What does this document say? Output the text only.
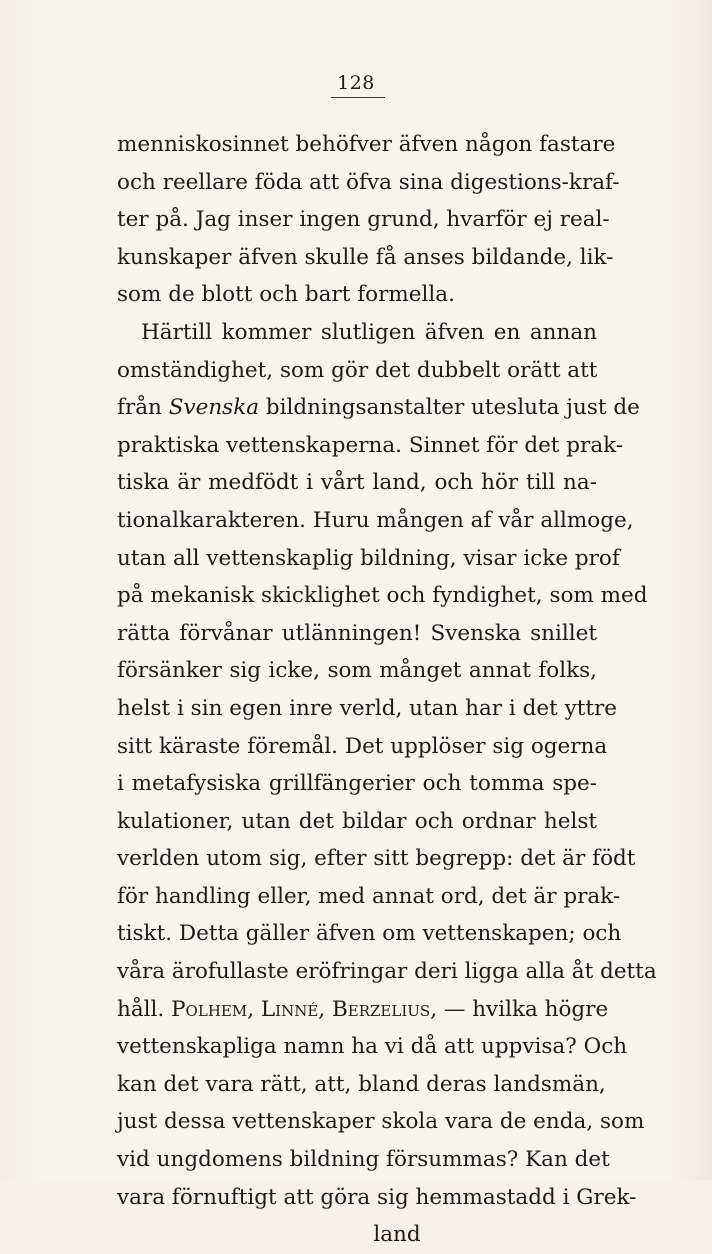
128
menniskosinnet behöfver äfven någon fastare
och reellare föda att öfva sina digestions-kraf-
ter på. Jag inser ingen grund, hvarför ej real-
kunskaper äfven skulle få anses bildande, lik-
som de blott och bart formella.
Härtill kommer slutligen äfven en annan
omständighet, som gör det dubbelt orätt att
från Svenska bildningsanstalter utesluta just de
praktiska vettenskaperna. Sinnet för det prak-
tiska är medfödt i vårt land, och hör till na-
tionalkarakteren. Huru mången af vår allmoge,
utan all vettenskaplig bildning, visar icke prof
på mekanisk skicklighet och fyndighet, som med
rätta förvånar utlänningen! Svenska snillet
försänker sig icke, som månget annat folks,
helst i sin egen inre verld, utan har i det yttre
sitt käraste föremål. Det upplöser sig ogerna
i metafysiska grillfängerier och tomma spe-
kulationer, utan det bildar och ordnar helst
verlden utom sig, efter sitt begrepp: det är födt
för handling eller, med annat ord, det är prak-
tiskt. Detta gäller äfven om vettenskapen; och
våra ärofullaste eröfringar deri ligga alla åt detta
håll. Polhem, Linné, Berzelius, — hvilka högre
vettenskapliga namn ha vi då att uppvisa? Och
kan det vara rätt, att, bland deras landsmän,
just dessa vettenskaper skola vara de enda, som
vid ungdomens bildning försummas? Kan det
vara förnuftigt att göra sig hemmastadd i Grek-
land
